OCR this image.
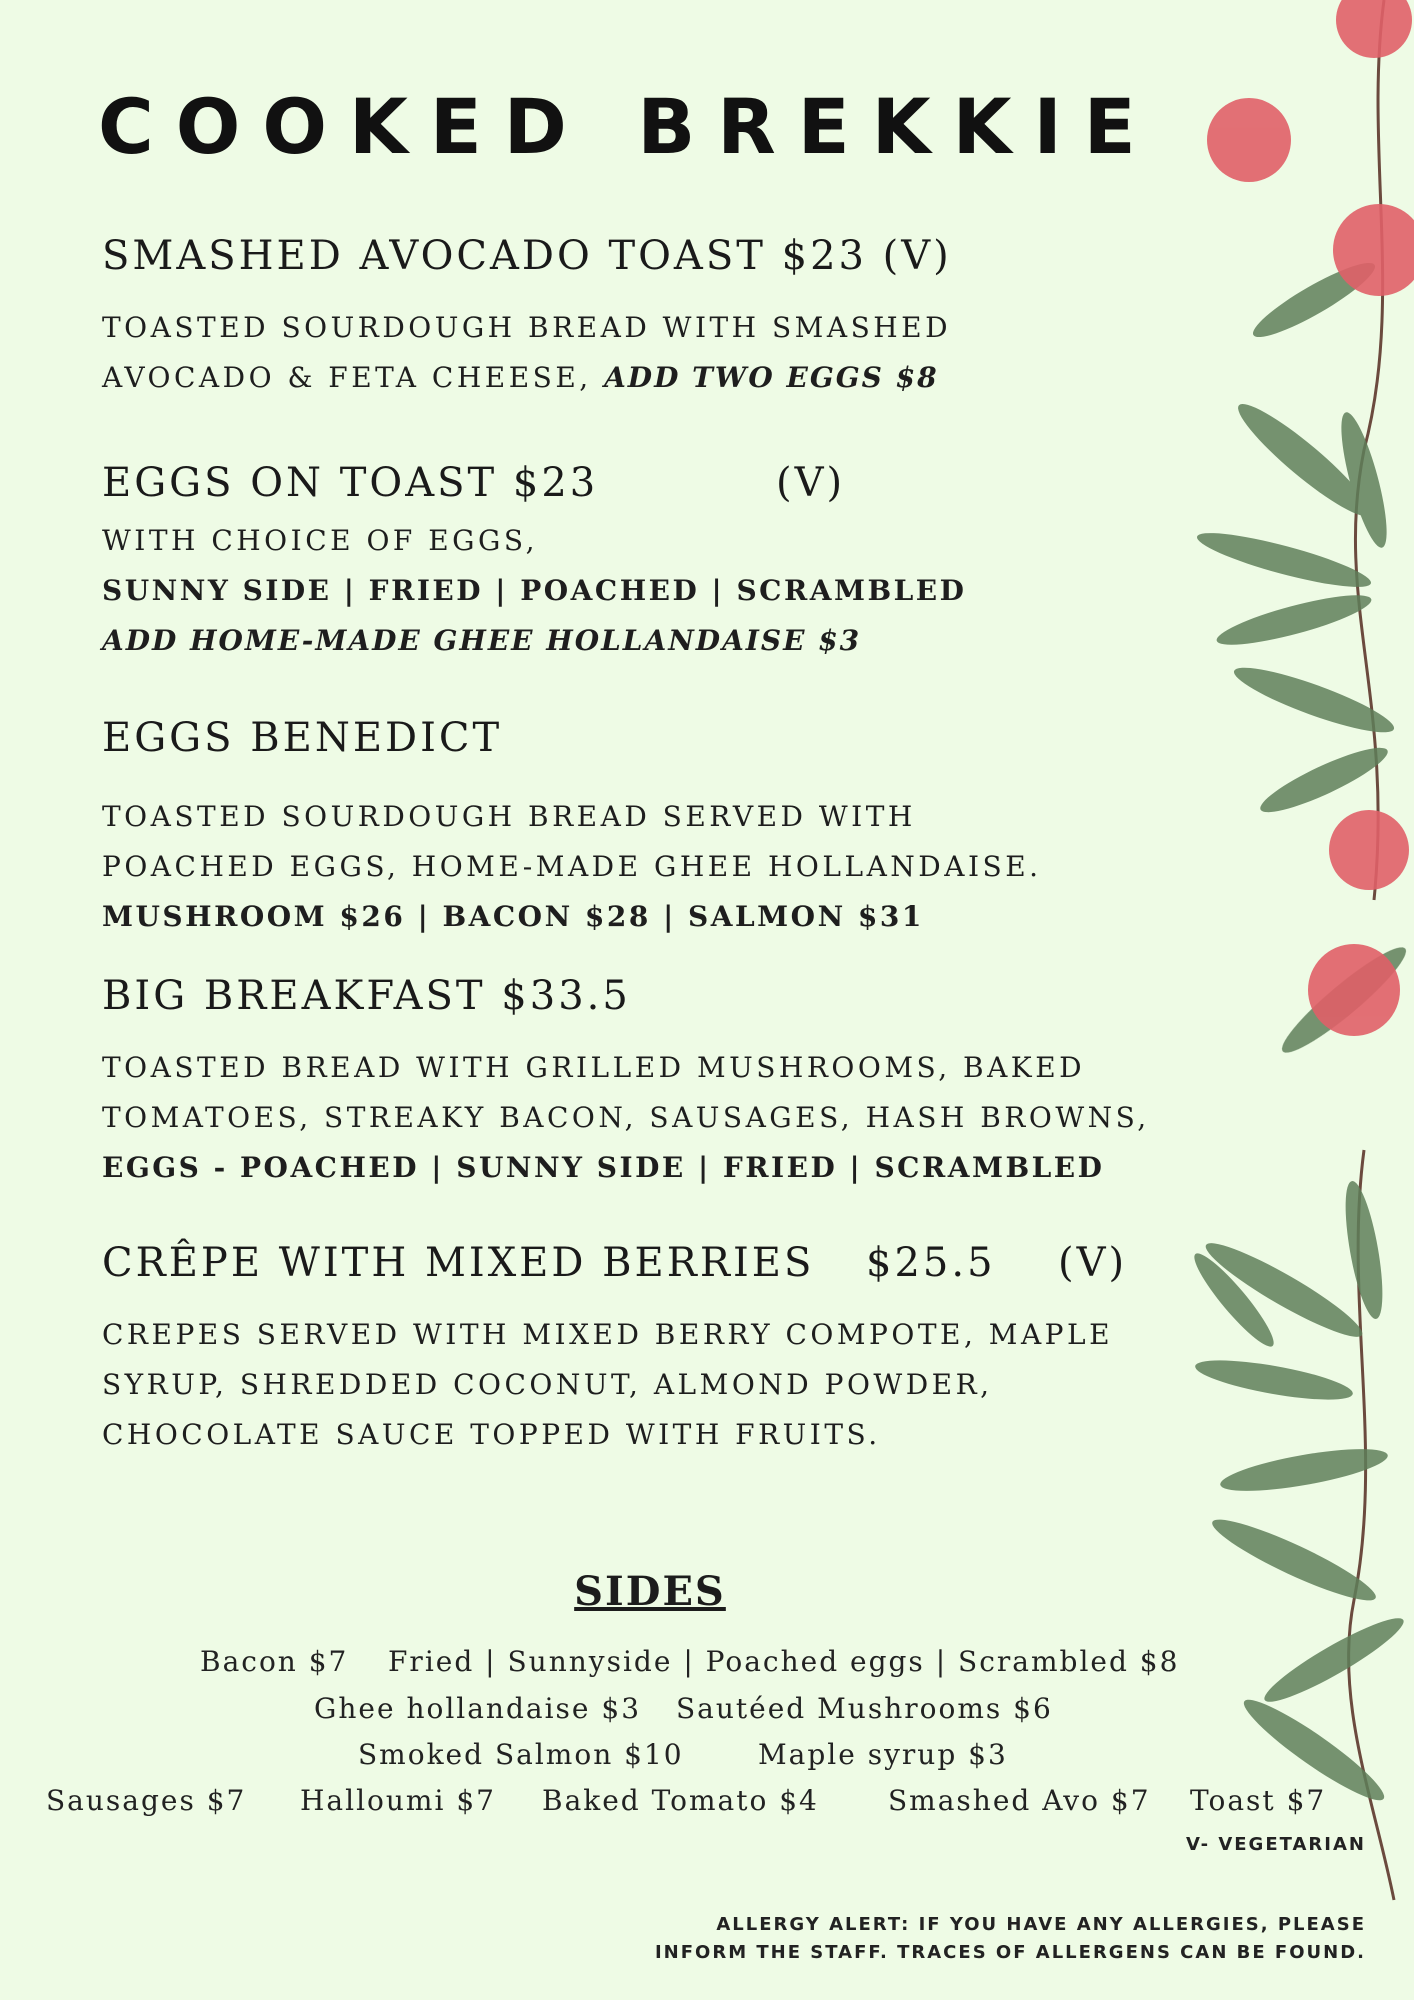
COOKED BREKKIE
SMASHED AVOCADO TOAST $23 (V)
TOASTED SOURDOUGH BREAD WITH SMASHED
AVOCADO & FETA CHEESE, ADD TWO EGGS $8
EGGS ON TOAST $23	(V)
WITH CHOICE OF EGGS,
SUNNY SIDE | FRIED | POACHED | SCRAMBLED
ADD HOME-MADE GHEE HOLLANDAISE $3
EGGS BENEDICT
TOASTED SOURDOUGH BREAD SERVED WITH
POACHED EGGS, HOME-MADE GHEE HOLLANDAISE.
MUSHROOM $26 | BACON $28 | SALMON $31
BIG BREAKFAST $33.5
TOASTED BREAD WITH GRILLED MUSHROOMS, BAKED
TOMATOES, STREAKY BACON, SAUSAGES, HASH BROWNS,
EGGS - POACHED | SUNNY SIDE | FRIED | SCRAMBLED
CRÊPE WITH MIXED BERRIES $25.5 (V)
CREPES SERVED WITH MIXED BERRY COMPOTE, MAPLE
SYRUP, SHREDDED COCONUT, ALMOND POWDER,
CHOCOLATE SAUCE TOPPED WITH FRUITS.
SIDES
Bacon $7 Fried | Sunnyside | Poached eggs | Scrambled $8
Ghee hollandaise $3 Sautéed Mushrooms $6
Smoked Salmon $10	Maple syrup $3
Sausages $7 Halloumi $7 Baked Tomato $4 Smashed Avo $7 Toast $7
V- VEGETARIAN
ALLERGY ALERT: IF YOU HAVE ANY ALLERGIES, PLEASE
INFORM THE STAFF. TRACES OF ALLERGENS CAN BE FOUND.
